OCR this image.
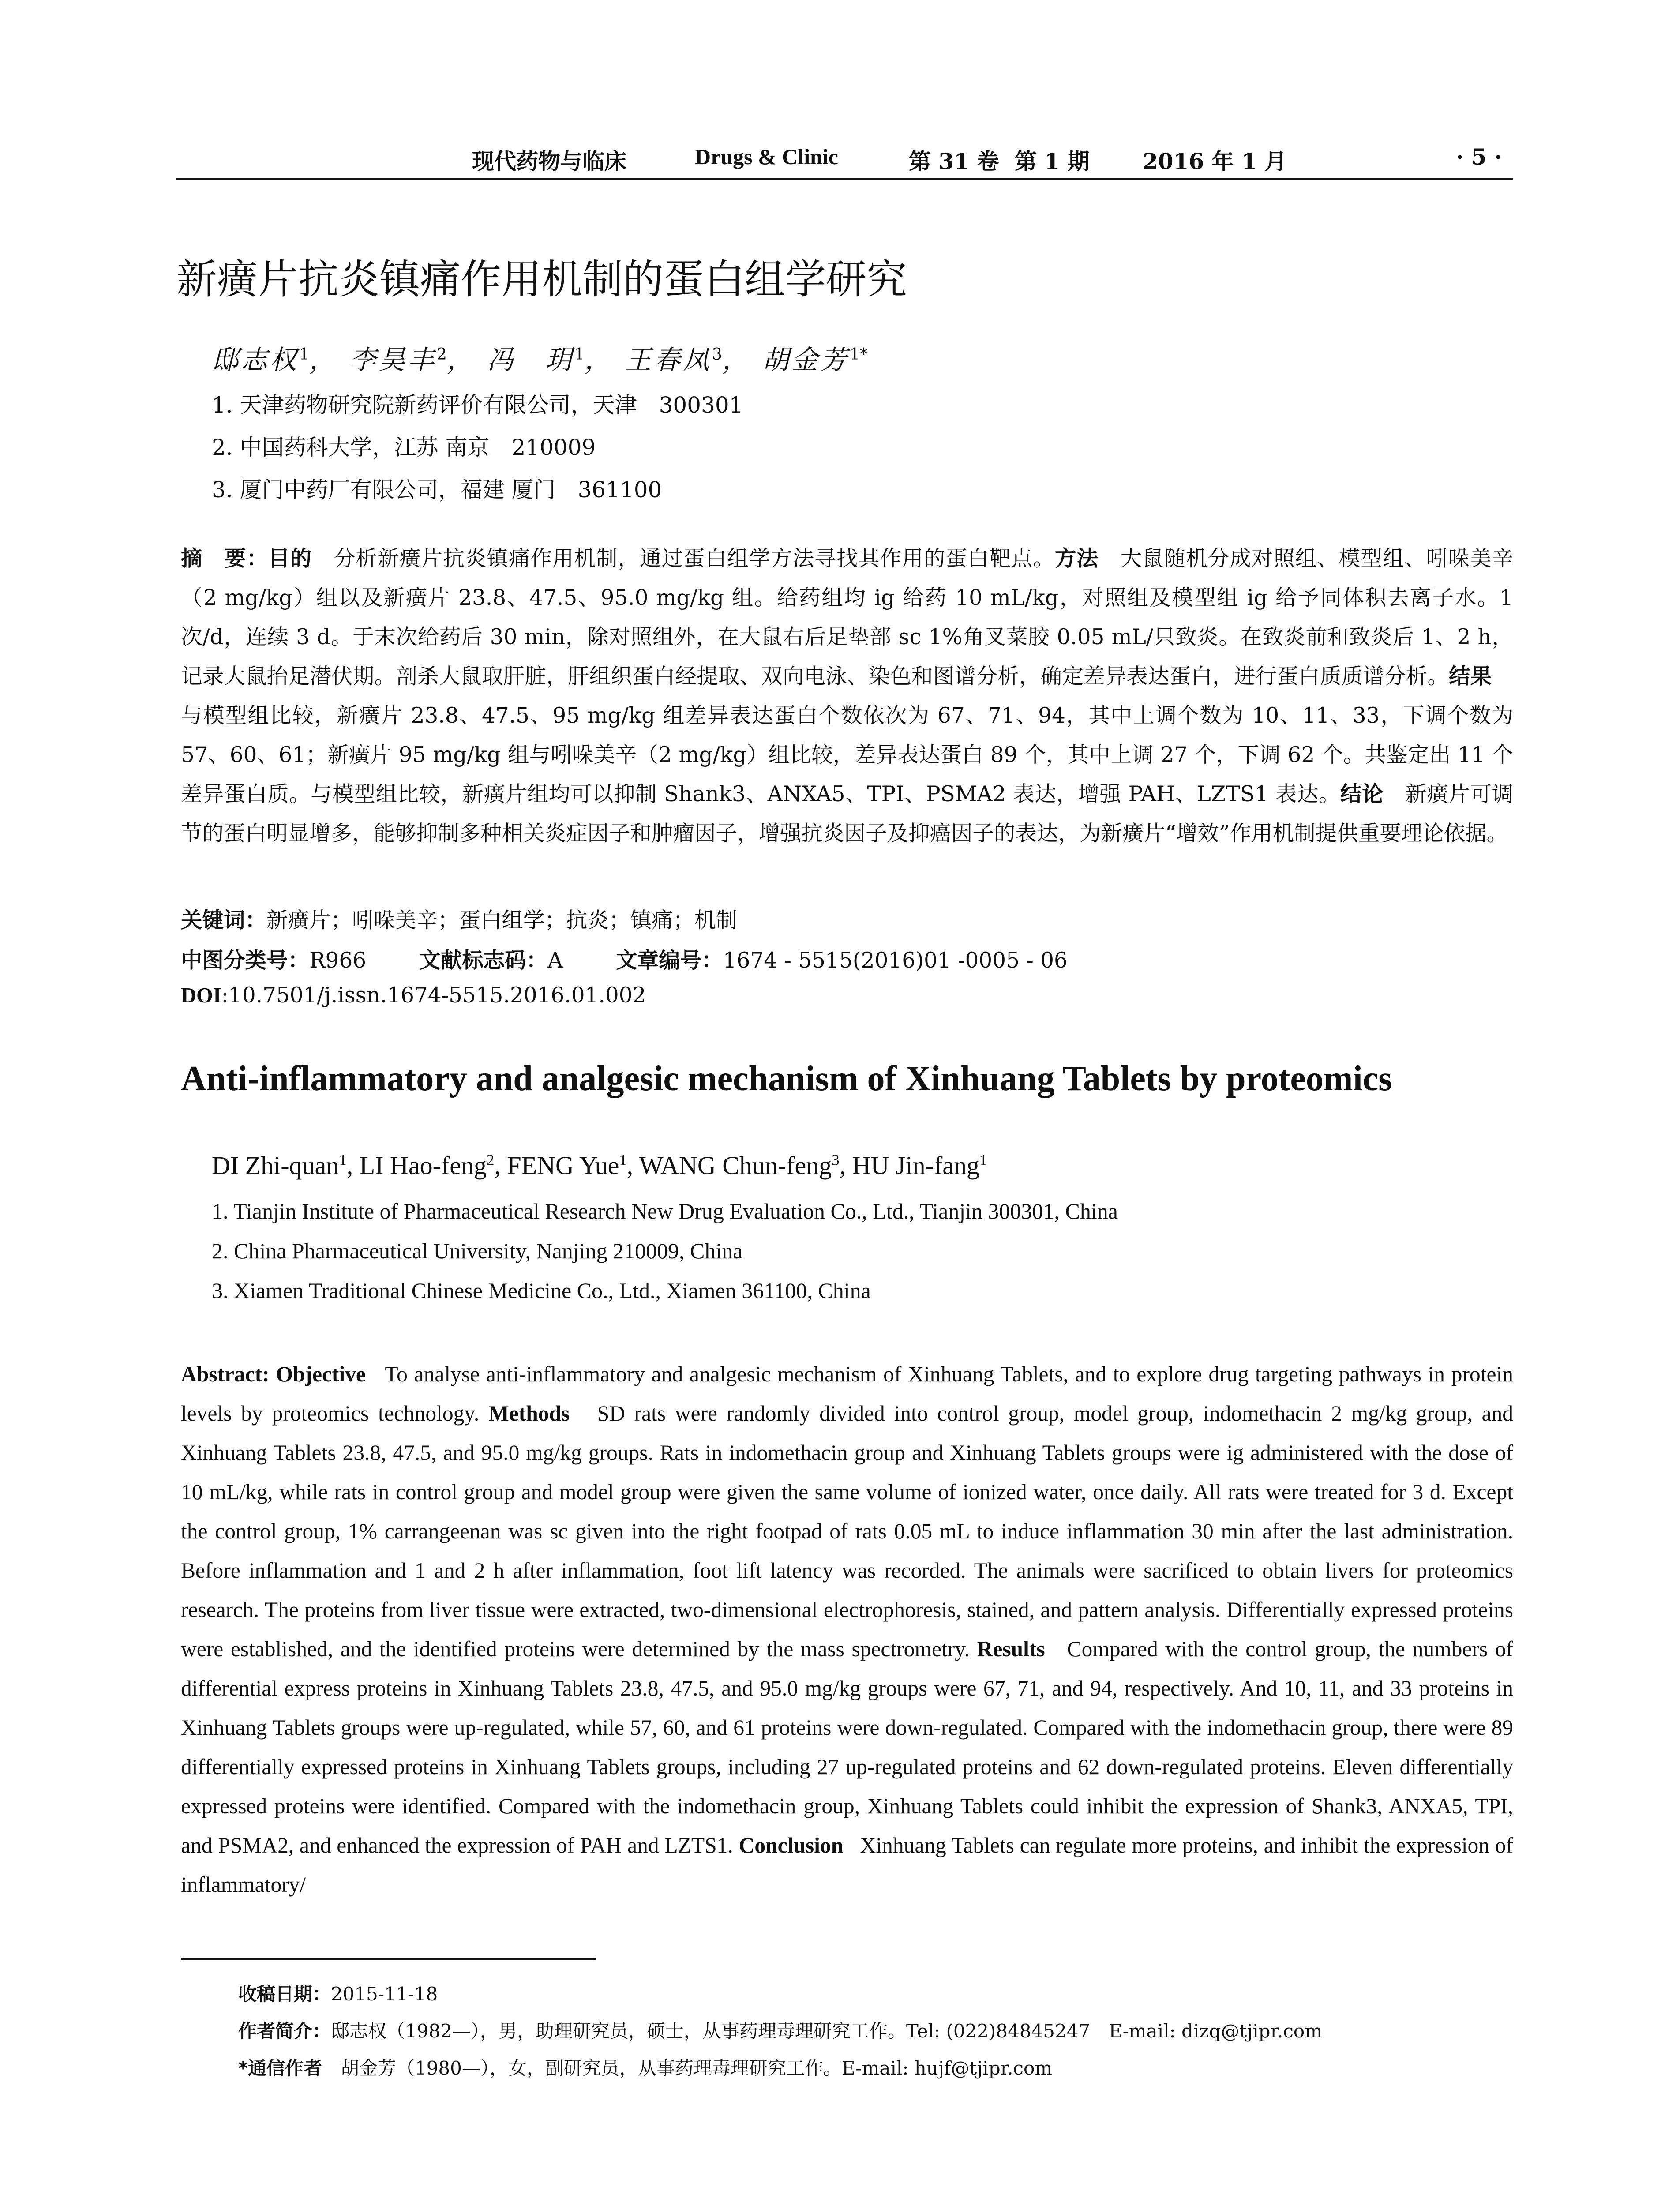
现代药物与临床	Drugs & Clinic	第 31 卷 第 1 期 2016 年 1 月	· 5 ·
新癀片抗炎镇痛作用机制的蛋白组学研究
邸志权$^1$， 李昊丰$^2$， 冯　玥$^1$， 王春凤$^3$， 胡金芳$^{1*}$
1. 天津药物研究院新药评价有限公司，天津　300301
2. 中国药科大学，江苏 南京　210009
3. 厦门中药厂有限公司，福建 厦门　361100
摘　要：目的　分析新癀片抗炎镇痛作用机制，通过蛋白组学方法寻找其作用的蛋白靶点。方法　大鼠随机分成对照组、模型组、吲哚美辛（2 mg/kg）组以及新癀片 23.8、47.5、95.0 mg/kg 组。给药组均 ig 给药 10 mL/kg，对照组及模型组 ig 给予同体积去离子水。1 次/d，连续 3 d。于末次给药后 30 min，除对照组外，在大鼠右后足垫部 sc 1%角叉菜胶 0.05 mL/只致炎。在致炎前和致炎后 1、2 h，记录大鼠抬足潜伏期。剖杀大鼠取肝脏，肝组织蛋白经提取、双向电泳、染色和图谱分析，确定差异表达蛋白，进行蛋白质质谱分析。结果　与模型组比较，新癀片 23.8、47.5、95 mg/kg 组差异表达蛋白个数依次为 67、71、94，其中上调个数为 10、11、33，下调个数为 57、60、61；新癀片 95 mg/kg 组与吲哚美辛（2 mg/kg）组比较，差异表达蛋白 89 个，其中上调 27 个，下调 62 个。共鉴定出 11 个差异蛋白质。与模型组比较，新癀片组均可以抑制 Shank3、ANXA5、TPI、PSMA2 表达，增强 PAH、LZTS1 表达。结论　新癀片可调节的蛋白明显增多，能够抑制多种相关炎症因子和肿瘤因子，增强抗炎因子及抑癌因子的表达，为新癀片“增效”作用机制提供重要理论依据。
关键词：新癀片；吲哚美辛；蛋白组学；抗炎；镇痛；机制
中图分类号：R966 文献标志码：A 文章编号：1674 - 5515(2016)01 -0005 - 06
DOI:10.7501/j.issn.1674-5515.2016.01.002
Anti-inflammatory and analgesic mechanism of Xinhuang Tablets by proteomics
DI Zhi-quan$^1$, LI Hao-feng$^2$, FENG Yue$^1$, WANG Chun-feng$^3$, HU Jin-fang$^1$
1. Tianjin Institute of Pharmaceutical Research New Drug Evaluation Co., Ltd., Tianjin 300301, China
2. China Pharmaceutical University, Nanjing 210009, China
3. Xiamen Traditional Chinese Medicine Co., Ltd., Xiamen 361100, China
Abstract: Objective To analyse anti-inflammatory and analgesic mechanism of Xinhuang Tablets, and to explore drug targeting pathways in protein levels by proteomics technology. Methods SD rats were randomly divided into control group, model group, indomethacin 2 mg/kg group, and Xinhuang Tablets 23.8, 47.5, and 95.0 mg/kg groups. Rats in indomethacin group and Xinhuang Tablets groups were ig administered with the dose of 10 mL/kg, while rats in control group and model group were given the same volume of ionized water, once daily. All rats were treated for 3 d. Except the control group, 1% carrangeenan was sc given into the right footpad of rats 0.05 mL to induce inflammation 30 min after the last administration. Before inflammation and 1 and 2 h after inflammation, foot lift latency was recorded. The animals were sacrificed to obtain livers for proteomics research. The proteins from liver tissue were extracted, two-dimensional electrophoresis, stained, and pattern analysis. Differentially expressed proteins were established, and the identified proteins were determined by the mass spectrometry. Results Compared with the control group, the numbers of differential express proteins in Xinhuang Tablets 23.8, 47.5, and 95.0 mg/kg groups were 67, 71, and 94, respectively. And 10, 11, and 33 proteins in Xinhuang Tablets groups were up-regulated, while 57, 60, and 61 proteins were down-regulated. Compared with the indomethacin group, there were 89 differentially expressed proteins in Xinhuang Tablets groups, including 27 up-regulated proteins and 62 down-regulated proteins. Eleven differentially expressed proteins were identified. Compared with the indomethacin group, Xinhuang Tablets could inhibit the expression of Shank3, ANXA5, TPI, and PSMA2, and enhanced the expression of PAH and LZTS1. Conclusion Xinhuang Tablets can regulate more proteins, and inhibit the expression of inflammatory/
收稿日期：2015-11-18
作者简介：邸志权（1982—），男，助理研究员，硕士，从事药理毒理研究工作。Tel: (022)84845247　E-mail: dizq@tjipr.com
*通信作者　胡金芳（1980—），女，副研究员，从事药理毒理研究工作。E-mail: hujf@tjipr.com
